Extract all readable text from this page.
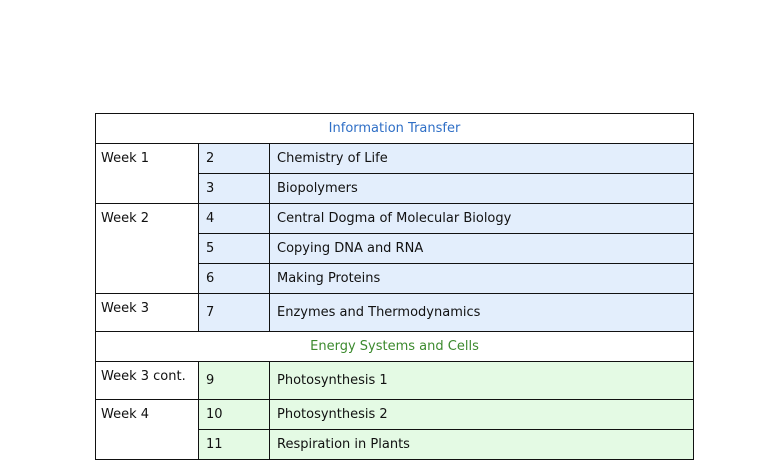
Information Transfer		
Week 1	2	Chemistry of Life
	3	Biopolymers
Week 2	4	Central Dogma of Molecular Biology
	5	Copying DNA and RNA
	6	Making Proteins
Week 3	7	Enzymes and Thermodynamics
Energy Systems and Cells		
Week 3 cont.	9	Photosynthesis 1
Week 4	10	Photosynthesis 2
	11	Respiration in Plants
